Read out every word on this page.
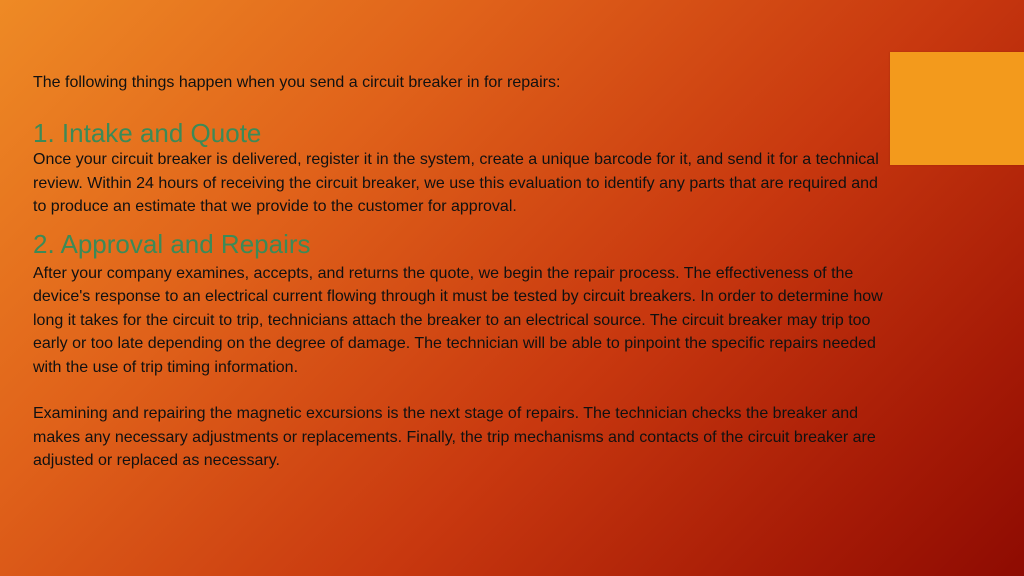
The following things happen when you send a circuit breaker in for repairs:

1. Intake and Quote

Once your circuit breaker is delivered, register it in the system, create a unique barcode for it, and send it for a technical review. Within 24 hours of receiving the circuit breaker, we use this evaluation to identify any parts that are required and to produce an estimate that we provide to the customer for approval.

2. Approval and Repairs

After your company examines, accepts, and returns the quote, we begin the repair process. The effectiveness of the device's response to an electrical current flowing through it must be tested by circuit breakers. In order to determine how long it takes for the circuit to trip, technicians attach the breaker to an electrical source. The circuit breaker may trip too early or too late depending on the degree of damage. The technician will be able to pinpoint the specific repairs needed with the use of trip timing information.

Examining and repairing the magnetic excursions is the next stage of repairs. The technician checks the breaker and makes any necessary adjustments or replacements. Finally, the trip mechanisms and contacts of the circuit breaker are adjusted or replaced as necessary.
